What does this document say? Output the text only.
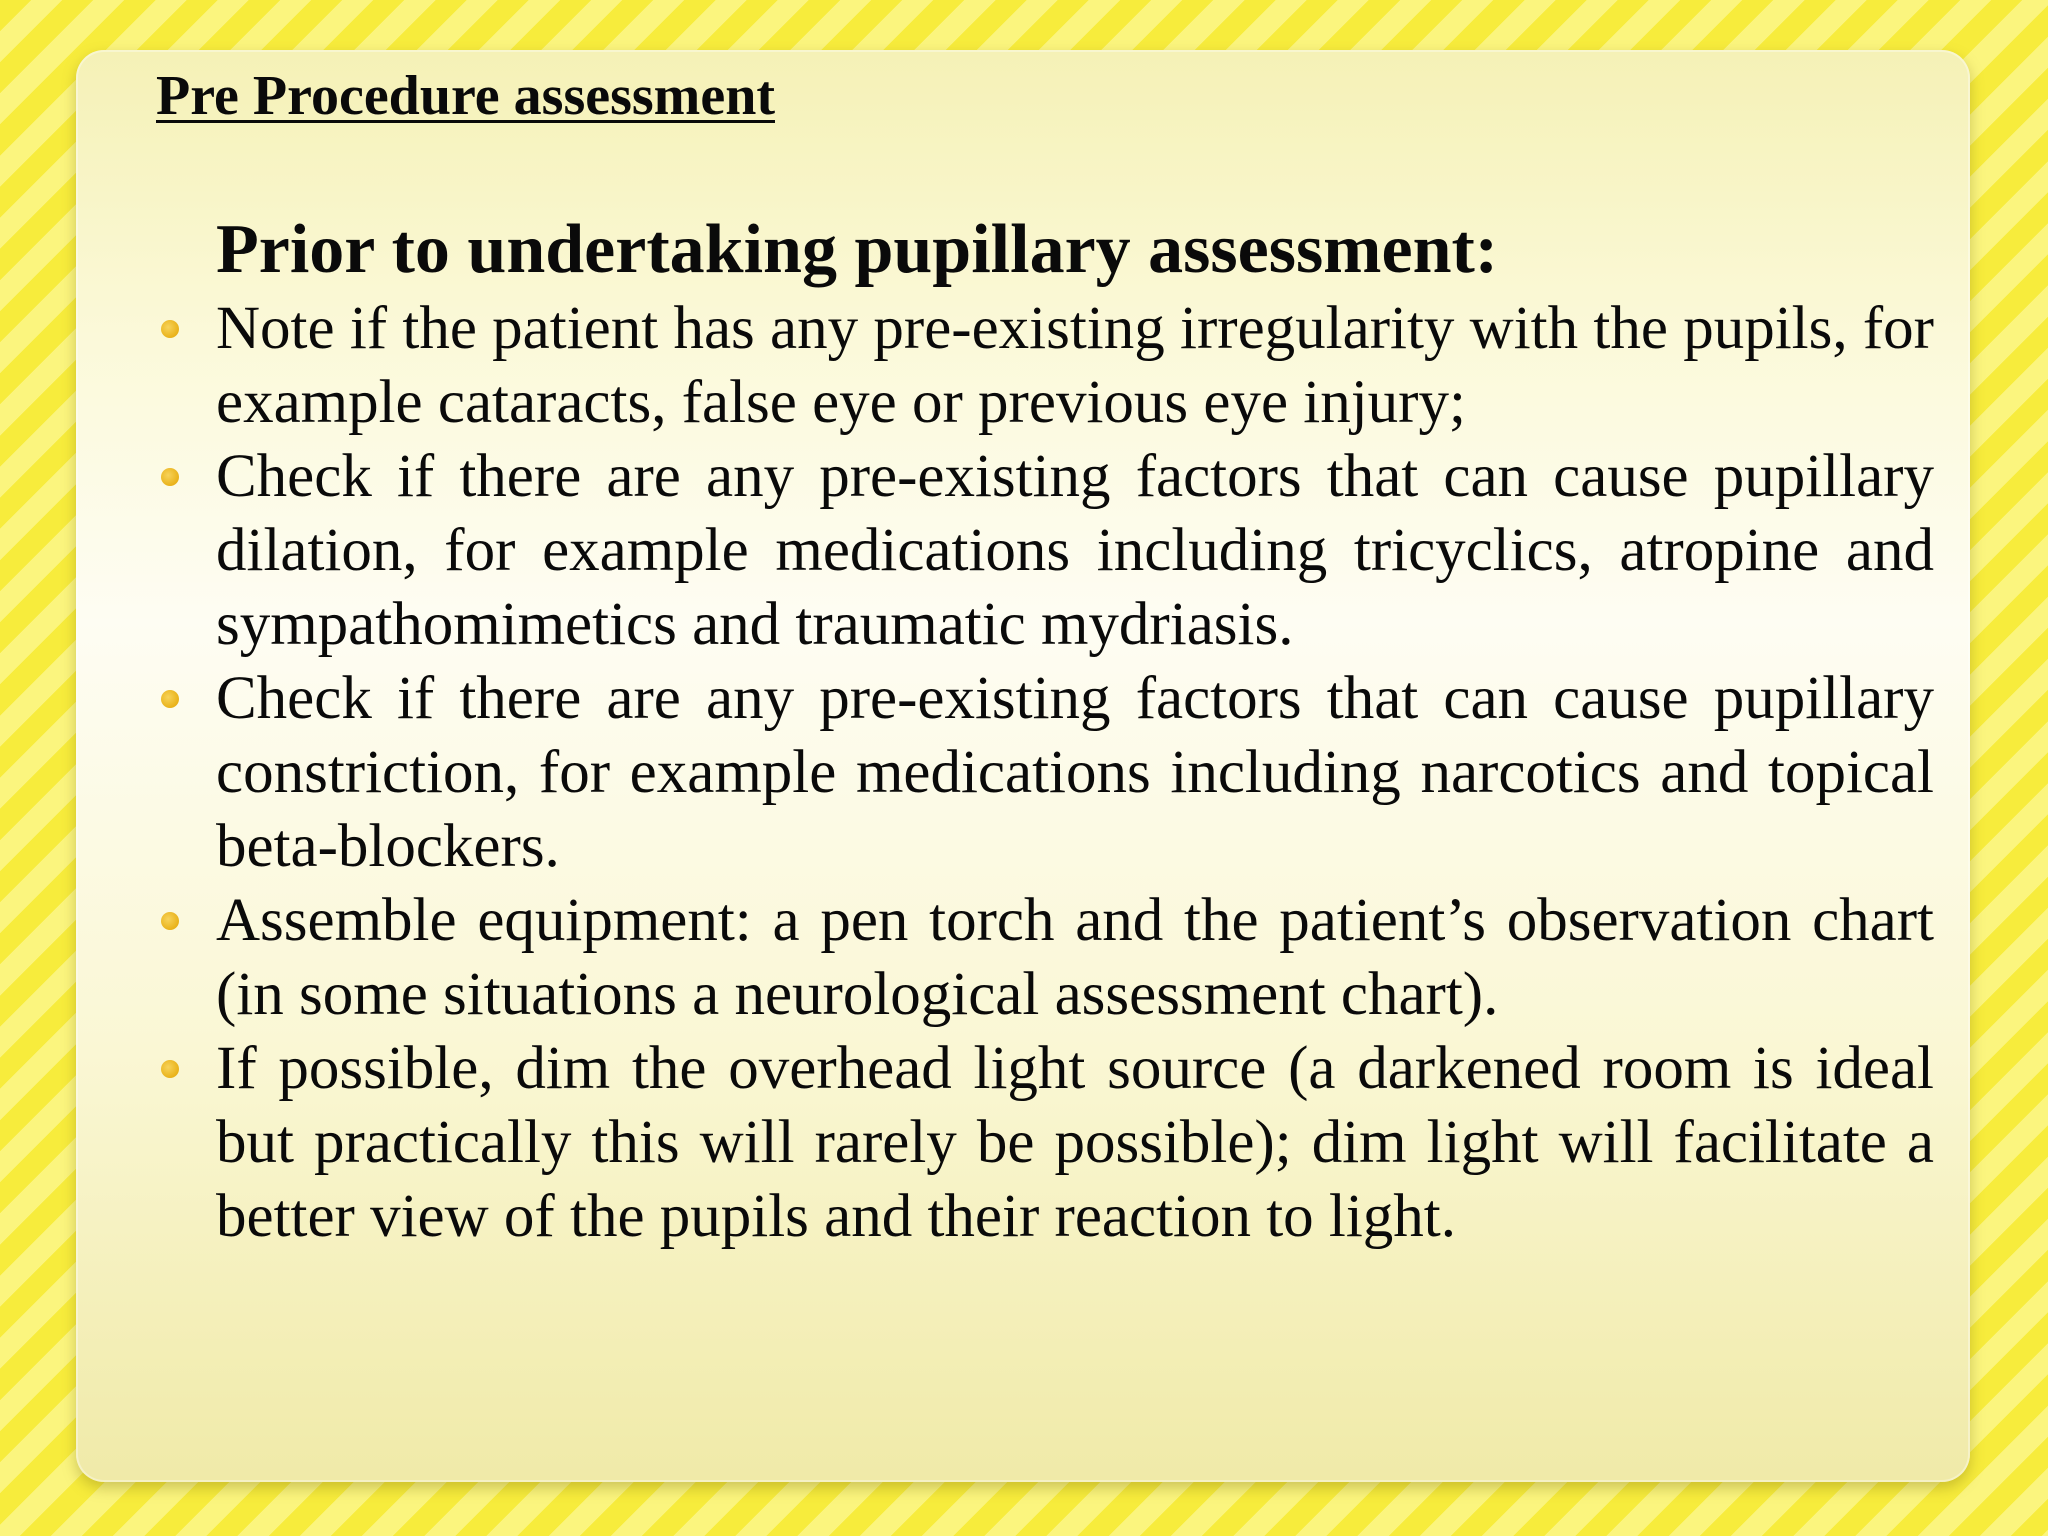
Pre Procedure assessment

Prior to undertaking pupillary assessment:

Note if the patient has any pre-existing irregularity with the pupils, for example cataracts, false eye or previous eye injury;
Check if there are any pre-existing factors that can cause pupillary dilation, for example medications including tricyclics, atropine and sympathomimetics and traumatic mydriasis.
Check if there are any pre-existing factors that can cause pupillary constriction, for example medications including narcotics and topical beta-blockers.
Assemble equipment: a pen torch and the patient’s observation chart (in some situations a neurological assessment chart).
If possible, dim the overhead light source (a darkened room is ideal but practically this will rarely be possible); dim light will facilitate a better view of the pupils and their reaction to light.
